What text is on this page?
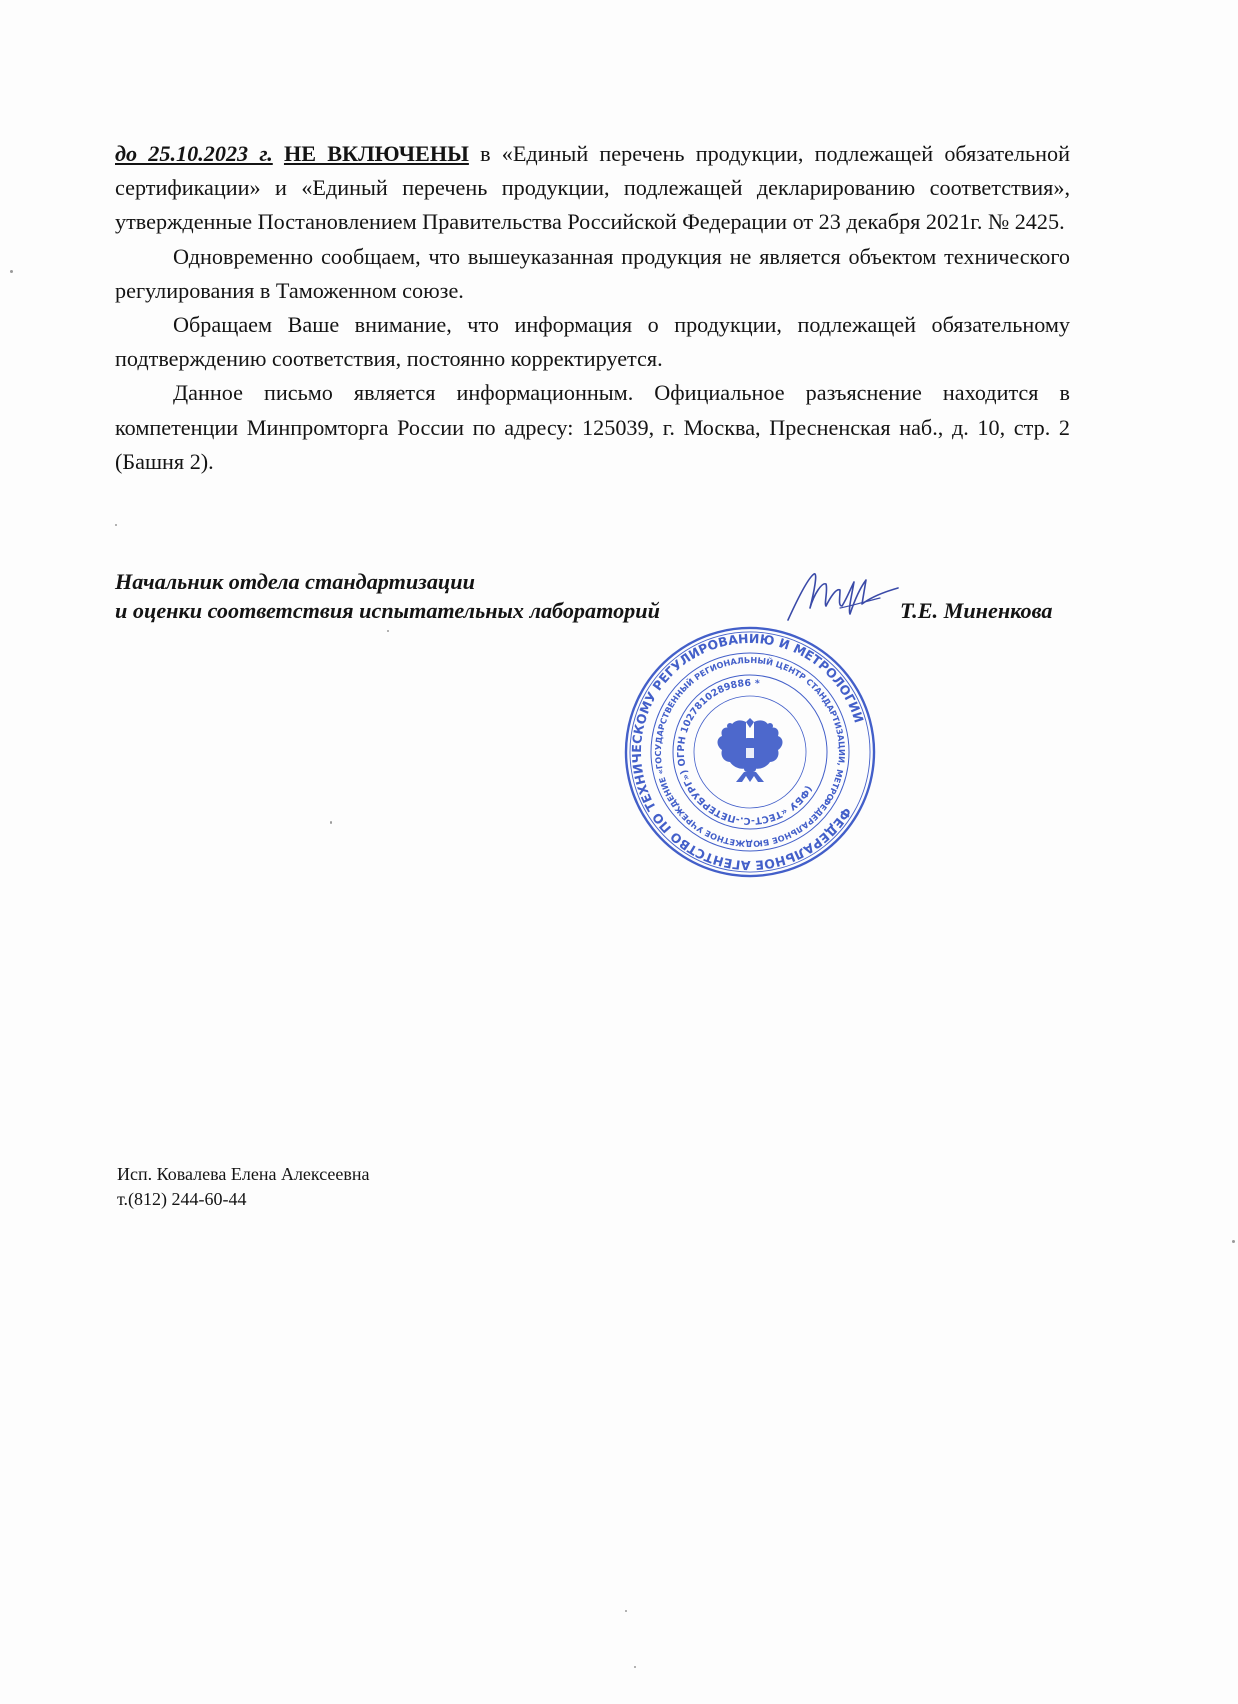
до 25.10.2023 г. НЕ ВКЛЮЧЕНЫ в «Единый перечень продукции, подлежащей обязательной сертификации» и «Единый перечень продукции, подлежащей декларированию соответствия», утвержденные Постановлением Правительства Российской Федерации от 23 декабря 2021г. № 2425.

Одновременно сообщаем, что вышеуказанная продукция не является объектом технического регулирования в Таможенном союзе.

Обращаем Ваше внимание, что информация о продукции, подлежащей обязательному подтверждению соответствия, постоянно корректируется.

Данное письмо является информационным. Официальное разъяснение находится в компетенции Минпромторга России по адресу: 125039, г. Москва, Пресненская наб., д. 10, стр. 2 (Башня 2).

Начальник отдела стандартизации
и оценки соответствия испытательных лабораторий	Т.Е. Миненкова
ФЕДЕРАЛЬНОЕ АГЕНТСТВО ПО ТЕХНИЧЕСКОМУ РЕГУЛИРОВАНИЮ И МЕТРОЛОГИИ
ФЕДЕРАЛЬНОЕ БЮДЖЕТНОЕ УЧРЕЖДЕНИЕ «ГОСУДАРСТВЕННЫЙ РЕГИОНАЛЬНЫЙ ЦЕНТР СТАНДАРТИЗАЦИИ, МЕТРОЛОГИИ
(ФБУ «ТЕСТ-С.-ПЕТЕРБУРГ») ОГРН 1027810289886 *
Исп. Ковалева Елена Алексеевна
т.(812) 244-60-44
